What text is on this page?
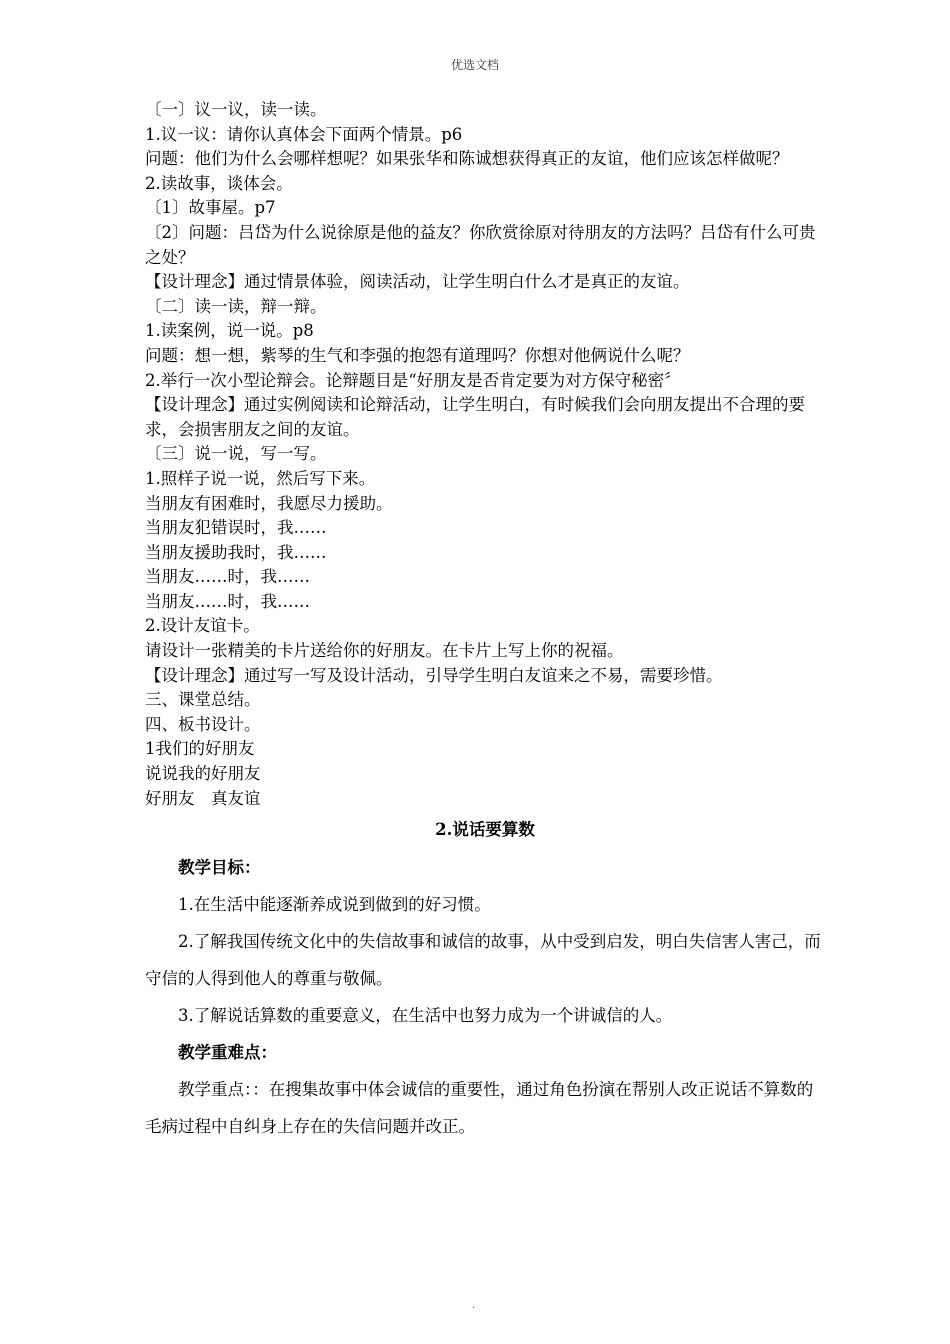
优选文档
〔一〕议一议，读一读。
1.议一议：请你认真体会下面两个情景。p6
问题：他们为什么会哪样想呢？如果张华和陈诚想获得真正的友谊，他们应该怎样做呢？
2.读故事，谈体会。
〔1〕故事屋。p7
〔2〕问题：吕岱为什么说徐原是他的益友？你欣赏徐原对待朋友的方法吗？吕岱有什么可贵之处？
【设计理念】通过情景体验，阅读活动，让学生明白什么才是真正的友谊。
〔二〕读一读，辩一辩。
1.读案例，说一说。p8
问题：想一想，紫琴的生气和李强的抱怨有道理吗？你想对他俩说什么呢？
2.举行一次小型论辩会。论辩题目是“好朋友是否肯定要为对方保守秘密〞
【设计理念】通过实例阅读和论辩活动，让学生明白，有时候我们会向朋友提出不合理的要求，会损害朋友之间的友谊。
〔三〕说一说，写一写。
1.照样子说一说，然后写下来。
当朋友有困难时，我愿尽力援助。
当朋友犯错误时，我……
当朋友援助我时，我……
当朋友……时，我……
当朋友……时，我……
2.设计友谊卡。
请设计一张精美的卡片送给你的好朋友。在卡片上写上你的祝福。
【设计理念】通过写一写及设计活动，引导学生明白友谊来之不易，需要珍惜。
三、课堂总结。
四、板书设计。
1我们的好朋友
说说我的好朋友
好朋友　真友谊
2.说话要算数
教学目标：
1.在生活中能逐渐养成说到做到的好习惯。
2.了解我国传统文化中的失信故事和诚信的故事，从中受到启发，明白失信害人害己，而守信的人得到他人的尊重与敬佩。
3.了解说话算数的重要意义，在生活中也努力成为一个讲诚信的人。
教学重难点：
教学重点：：在搜集故事中体会诚信的重要性，通过角色扮演在帮别人改正说话不算数的毛病过程中自纠身上存在的失信问题并改正。
.
